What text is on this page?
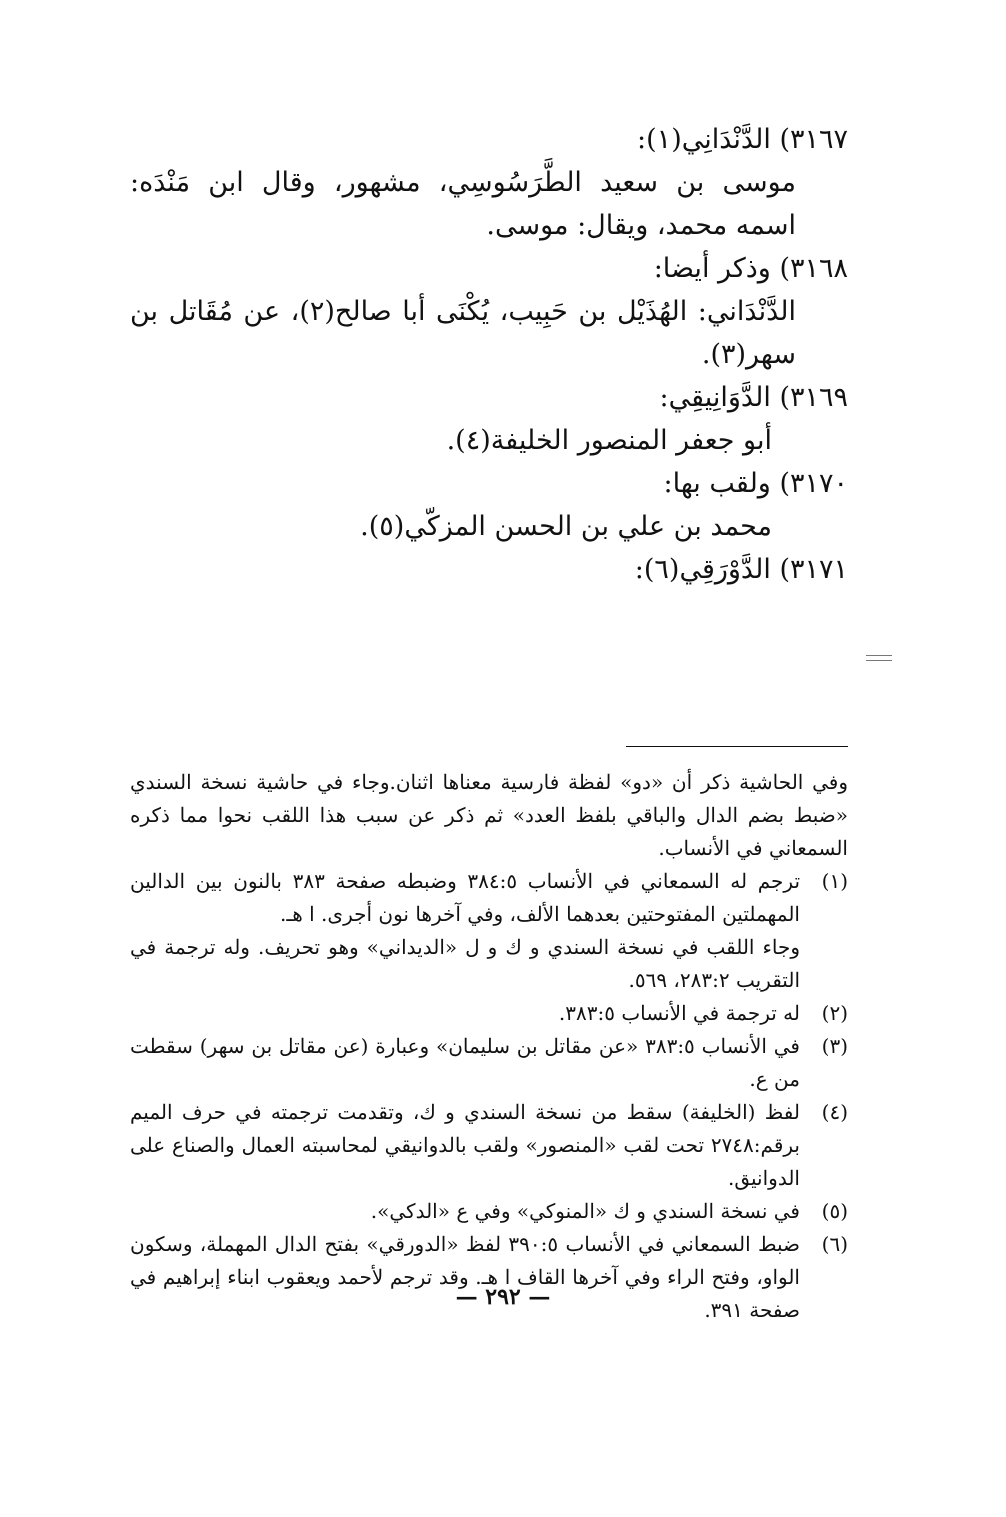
٣١٦٧) الدَّنْدَانِي(١):
موسى بن سعيد الطَّرَسُوسِي، مشهور، وقال ابن مَنْدَه: اسمه محمد، ويقال: موسى.
٣١٦٨) وذكر أيضا:
الدَّنْدَاني: الهُذَيْل بن حَبِيب، يُكْنَى أبا صالح(٢)، عن مُقَاتل بن سهر(٣).
٣١٦٩) الدَّوَانِيقِي:
أبو جعفر المنصور الخليفة(٤).
٣١٧٠) ولقب بها:
محمد بن علي بن الحسن المزكّي(٥).
٣١٧١) الدَّوْرَقِي(٦):
وفي الحاشية ذكر أن «دو» لفظة فارسية معناها اثنان.وجاء في حاشية نسخة السندي «ضبط بضم الدال والباقي بلفظ العدد» ثم ذكر عن سبب هذا اللقب نحوا مما ذكره السمعاني في الأنساب.
(١)
ترجم له السمعاني في الأنساب ٣٨٤:٥ وضبطه صفحة ٣٨٣ بالنون بين الدالين المهملتين المفتوحتين بعدهما الألف، وفي آخرها نون أجرى. ا هـ.
وجاء اللقب في نسخة السندي و ك و ل «الديداني» وهو تحريف. وله ترجمة في التقريب ٢٨٣:٢، ٥٦٩.
(٢)
له ترجمة في الأنساب ٣٨٣:٥.
(٣)
في الأنساب ٣٨٣:٥ «عن مقاتل بن سليمان» وعبارة (عن مقاتل بن سهر) سقطت من ع.
(٤)
لفظ (الخليفة) سقط من نسخة السندي و ك، وتقدمت ترجمته في حرف الميم برقم:٢٧٤٨ تحت لقب «المنصور» ولقب بالدوانيقي لمحاسبته العمال والصناع على الدوانيق.
(٥)
في نسخة السندي و ك «المنوكي» وفي ع «الدكي».
(٦)
ضبط السمعاني في الأنساب ٣٩٠:٥ لفظ «الدورقي» بفتح الدال المهملة، وسكون الواو، وفتح الراء وفي آخرها القاف ا هـ. وقد ترجم لأحمد ويعقوب ابناء إبراهيم في صفحة ٣٩١.
— ٢٩٢ —
